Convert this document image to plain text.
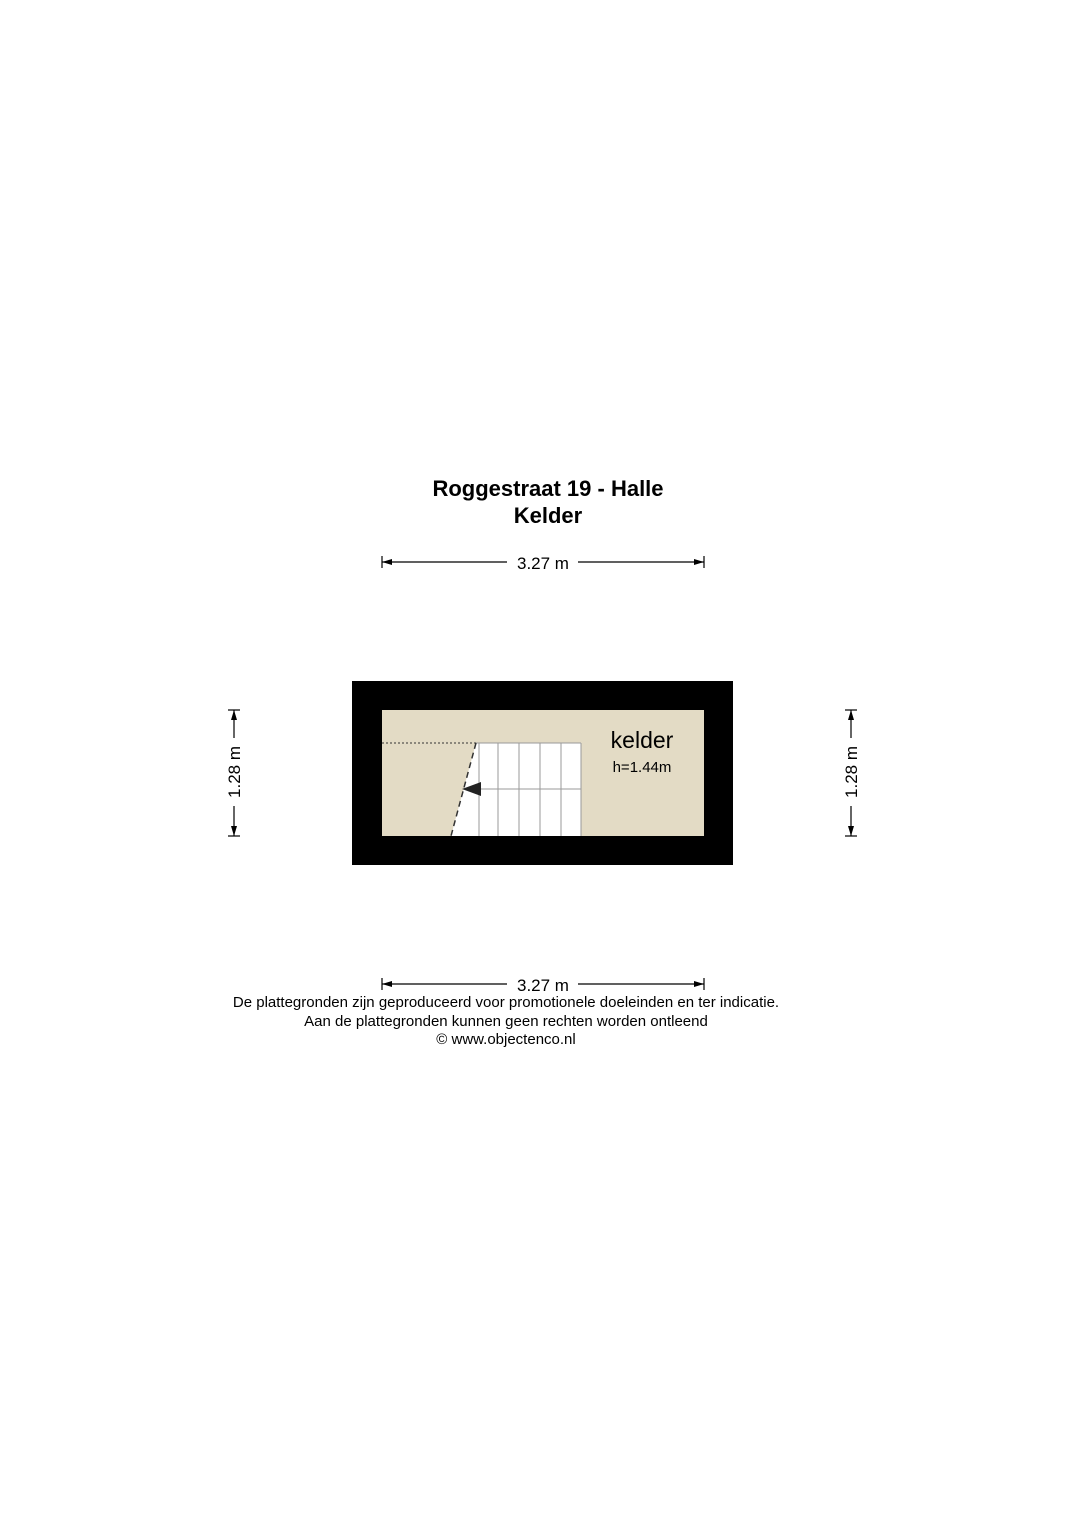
Roggestraat 19 - Halle
Kelder
3.27 m
kelder
h=1.44m
1.28 m	1.28 m
3.27 m
De plattegronden zijn geproduceerd voor promotionele doeleinden en ter indicatie.
Aan de plattegronden kunnen geen rechten worden ontleend
© www.objectenco.nl
